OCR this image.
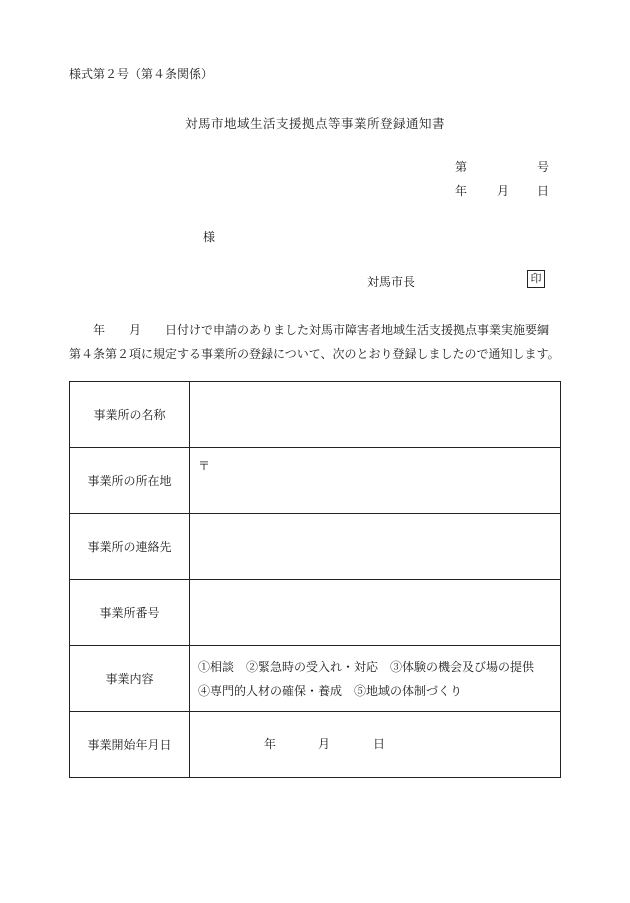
様式第２号（第４条関係）
対馬市地域生活支援拠点等事業所登録通知書
第	号
年 月 日
様
対馬市長	印
　　年　　月　　日付けで申請のありました対馬市障害者地域生活支援拠点事業実施要綱第４条第２項に規定する事業所の登録について、次のとおり登録しましたので通知します。
事業所の名称	
事業所の所在地	〒
事業所の連絡先	
事業所番号	
事業内容	①相談　②緊急時の受入れ・対応　③体験の機会及び場の提供　④専門的人材の確保・養成　⑤地域の体制づくり
事業開始年月日	年 月 日
